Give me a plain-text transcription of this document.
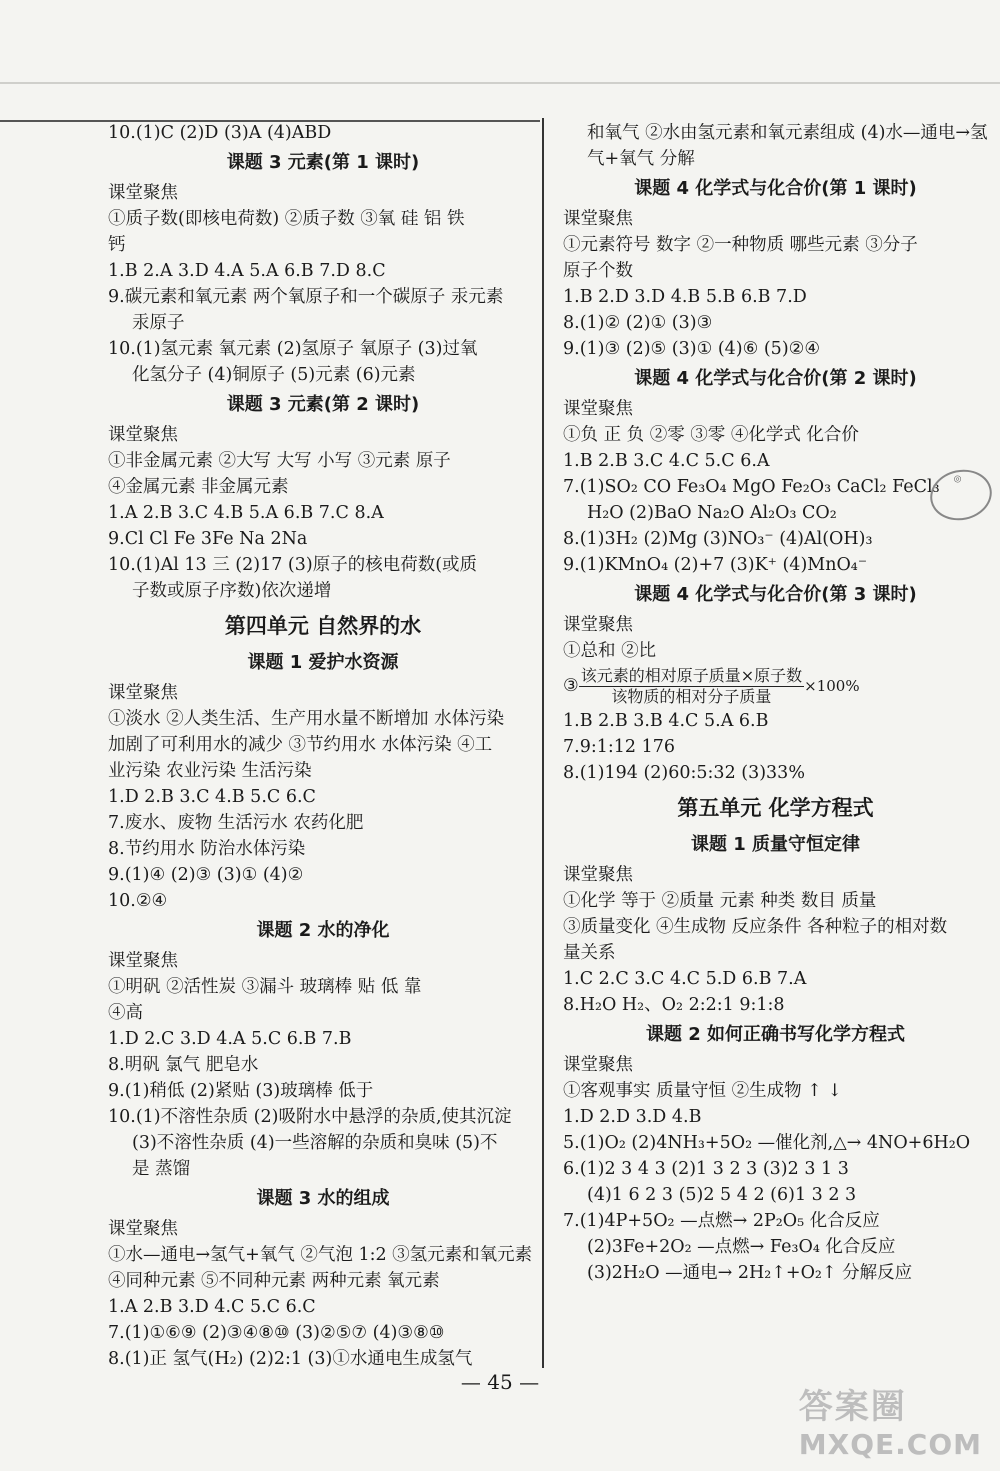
10.(1)C (2)D (3)A (4)ABD
课题 3 元素(第 1 课时)
课堂聚焦
①质子数(即核电荷数) ②质子数 ③氧 硅 铝 铁
钙
1.B 2.A 3.D 4.A 5.A 6.B 7.D 8.C
9.碳元素和氧元素 两个氧原子和一个碳原子 汞元素
汞原子
10.(1)氢元素 氧元素 (2)氢原子 氧原子 (3)过氧
化氢分子 (4)铜原子 (5)元素 (6)元素
课题 3 元素(第 2 课时)
课堂聚焦
①非金属元素 ②大写 大写 小写 ③元素 原子
④金属元素 非金属元素
1.A 2.B 3.C 4.B 5.A 6.B 7.C 8.A
9.Cl Cl Fe 3Fe Na 2Na
10.(1)Al 13 三 (2)17 (3)原子的核电荷数(或质
子数或原子序数)依次递增
第四单元 自然界的水
课题 1 爱护水资源
课堂聚焦
①淡水 ②人类生活、生产用水量不断增加 水体污染
加剧了可利用水的减少 ③节约用水 水体污染 ④工
业污染 农业污染 生活污染
1.D 2.B 3.C 4.B 5.C 6.C
7.废水、废物 生活污水 农药化肥
8.节约用水 防治水体污染
9.(1)④ (2)③ (3)① (4)②
10.②④
课题 2 水的净化
课堂聚焦
①明矾 ②活性炭 ③漏斗 玻璃棒 贴 低 靠
④高
1.D 2.C 3.D 4.A 5.C 6.B 7.B
8.明矾 氯气 肥皂水
9.(1)稍低 (2)紧贴 (3)玻璃棒 低于
10.(1)不溶性杂质 (2)吸附水中悬浮的杂质,使其沉淀
(3)不溶性杂质 (4)一些溶解的杂质和臭味 (5)不
是 蒸馏
课题 3 水的组成
课堂聚焦
①水—通电→氢气+氧气 ②气泡 1:2 ③氢元素和氧元素
④同种元素 ⑤不同种元素 两种元素 氧元素
1.A 2.B 3.D 4.C 5.C 6.C
7.(1)①⑥⑨ (2)③④⑧⑩ (3)②⑤⑦ (4)③⑧⑩
8.(1)正 氢气(H₂) (2)2:1 (3)①水通电生成氢气
和氧气 ②水由氢元素和氧元素组成 (4)水—通电→氢
气+氧气 分解
课题 4 化学式与化合价(第 1 课时)
课堂聚焦
①元素符号 数字 ②一种物质 哪些元素 ③分子
原子个数
1.B 2.D 3.D 4.B 5.B 6.B 7.D
8.(1)② (2)① (3)③
9.(1)③ (2)⑤ (3)① (4)⑥ (5)②④
课题 4 化学式与化合价(第 2 课时)
课堂聚焦
①负 正 负 ②零 ③零 ④化学式 化合价
1.B 2.B 3.C 4.C 5.C 6.A
7.(1)SO₂ CO Fe₃O₄ MgO Fe₂O₃ CaCl₂ FeCl₃
H₂O (2)BaO Na₂O Al₂O₃ CO₂
8.(1)3H₂ (2)Mg (3)NO₃⁻ (4)Al(OH)₃
9.(1)KMnO₄ (2)+7 (3)K⁺ (4)MnO₄⁻
课题 4 化学式与化合价(第 3 课时)
课堂聚焦
①总和 ②比
③ $\frac{\text{该元素的相对原子质量×原子数}}{\text{该物质的相对分子质量}} \times 100\%$
1.B 2.B 3.B 4.C 5.A 6.B
7.9:1:12 176
8.(1)194 (2)60:5:32 (3)33%
第五单元 化学方程式
课题 1 质量守恒定律
课堂聚焦
①化学 等于 ②质量 元素 种类 数目 质量
③质量变化 ④生成物 反应条件 各种粒子的相对数
量关系
1.C 2.C 3.C 4.C 5.D 6.B 7.A
8.H₂O H₂、O₂ 2:2:1 9:1:8
课题 2 如何正确书写化学方程式
课堂聚焦
①客观事实 质量守恒 ②生成物 ↑ ↓
1.D 2.D 3.D 4.B
5.(1)O₂ (2)4NH₃+5O₂ —催化剂,△→ 4NO+6H₂O
6.(1)2 3 4 3 (2)1 3 2 3 (3)2 3 1 3
(4)1 6 2 3 (5)2 5 4 2 (6)1 3 2 3
7.(1)4P+5O₂ —点燃→ 2P₂O₅ 化合反应
(2)3Fe+2O₂ —点燃→ Fe₃O₄ 化合反应
(3)2H₂O —通电→ 2H₂↑+O₂↑ 分解反应
◎
— 45 —
答案圈
MXQE.COM
